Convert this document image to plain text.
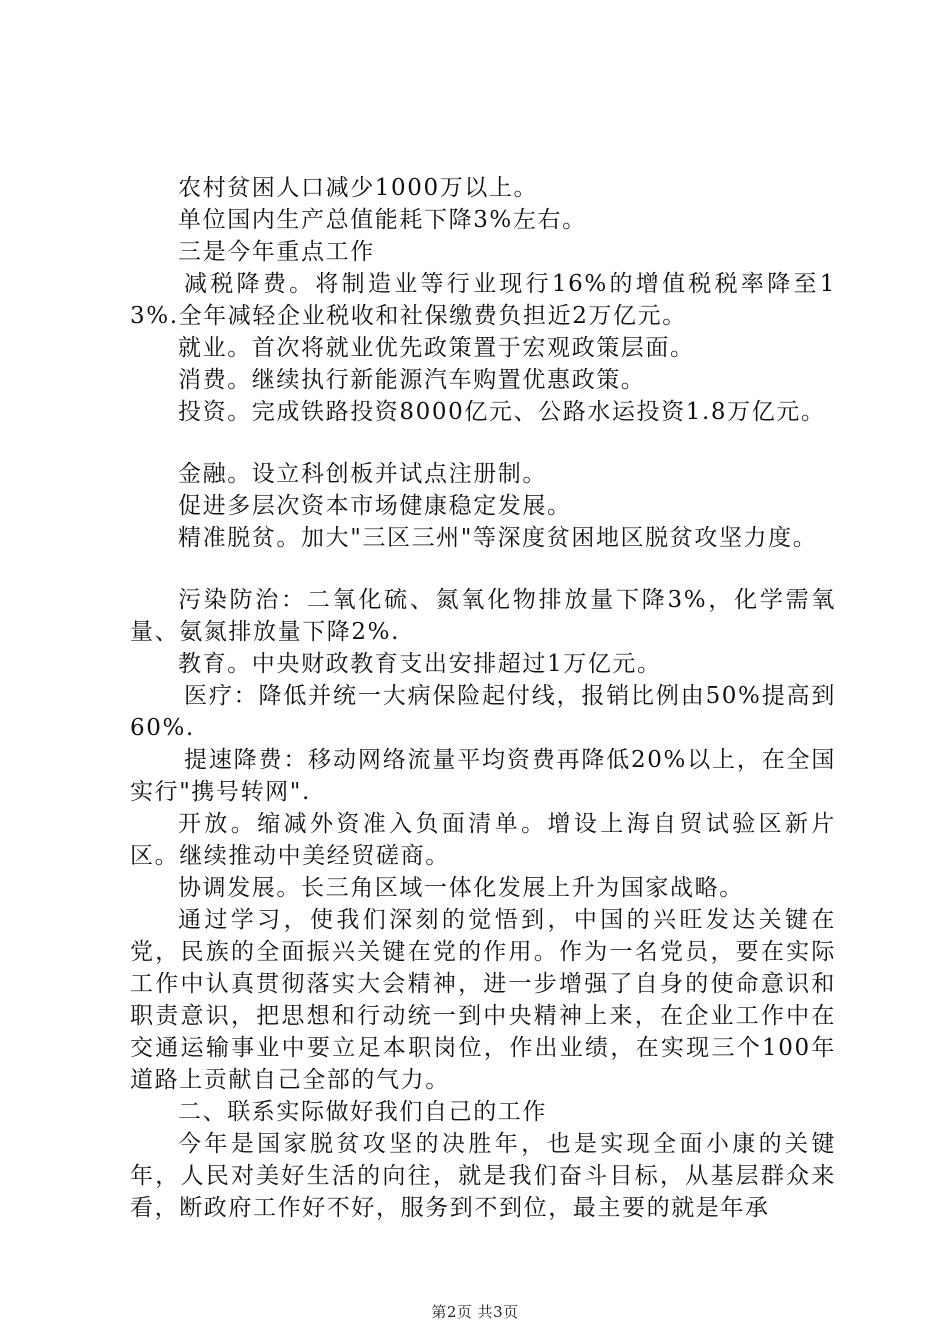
农村贫困人口减少1000万以上。

单位国内生产总值能耗下降3%左右。

三是今年重点工作

减税降费。将制造业等行业现行16%的增值税税率降至13%.全年减轻企业税收和社保缴费负担近2万亿元。

就业。首次将就业优先政策置于宏观政策层面。

消费。继续执行新能源汽车购置优惠政策。

投资。完成铁路投资8000亿元、公路水运投资1.8万亿元。

金融。设立科创板并试点注册制。

促进多层次资本市场健康稳定发展。

精准脱贫。加大"三区三州"等深度贫困地区脱贫攻坚力度。

污染防治：二氧化硫、氮氧化物排放量下降3%，化学需氧量、氨氮排放量下降2%.

教育。中央财政教育支出安排超过1万亿元。

医疗：降低并统一大病保险起付线，报销比例由50%提高到60%.

提速降费：移动网络流量平均资费再降低20%以上，在全国实行"携号转网".

开放。缩减外资准入负面清单。增设上海自贸试验区新片区。继续推动中美经贸磋商。

协调发展。长三角区域一体化发展上升为国家战略。

通过学习，使我们深刻的觉悟到，中国的兴旺发达关键在党，民族的全面振兴关键在党的作用。作为一名党员，要在实际工作中认真贯彻落实大会精神，进一步增强了自身的使命意识和职责意识，把思想和行动统一到中央精神上来，在企业工作中在交通运输事业中要立足本职岗位，作出业绩，在实现三个100年道路上贡献自己全部的气力。

二、联系实际做好我们自己的工作

今年是国家脱贫攻坚的决胜年，也是实现全面小康的关键年，人民对美好生活的向往，就是我们奋斗目标，从基层群众来看，断政府工作好不好，服务到不到位，最主要的就是年承

第2页 共3页
